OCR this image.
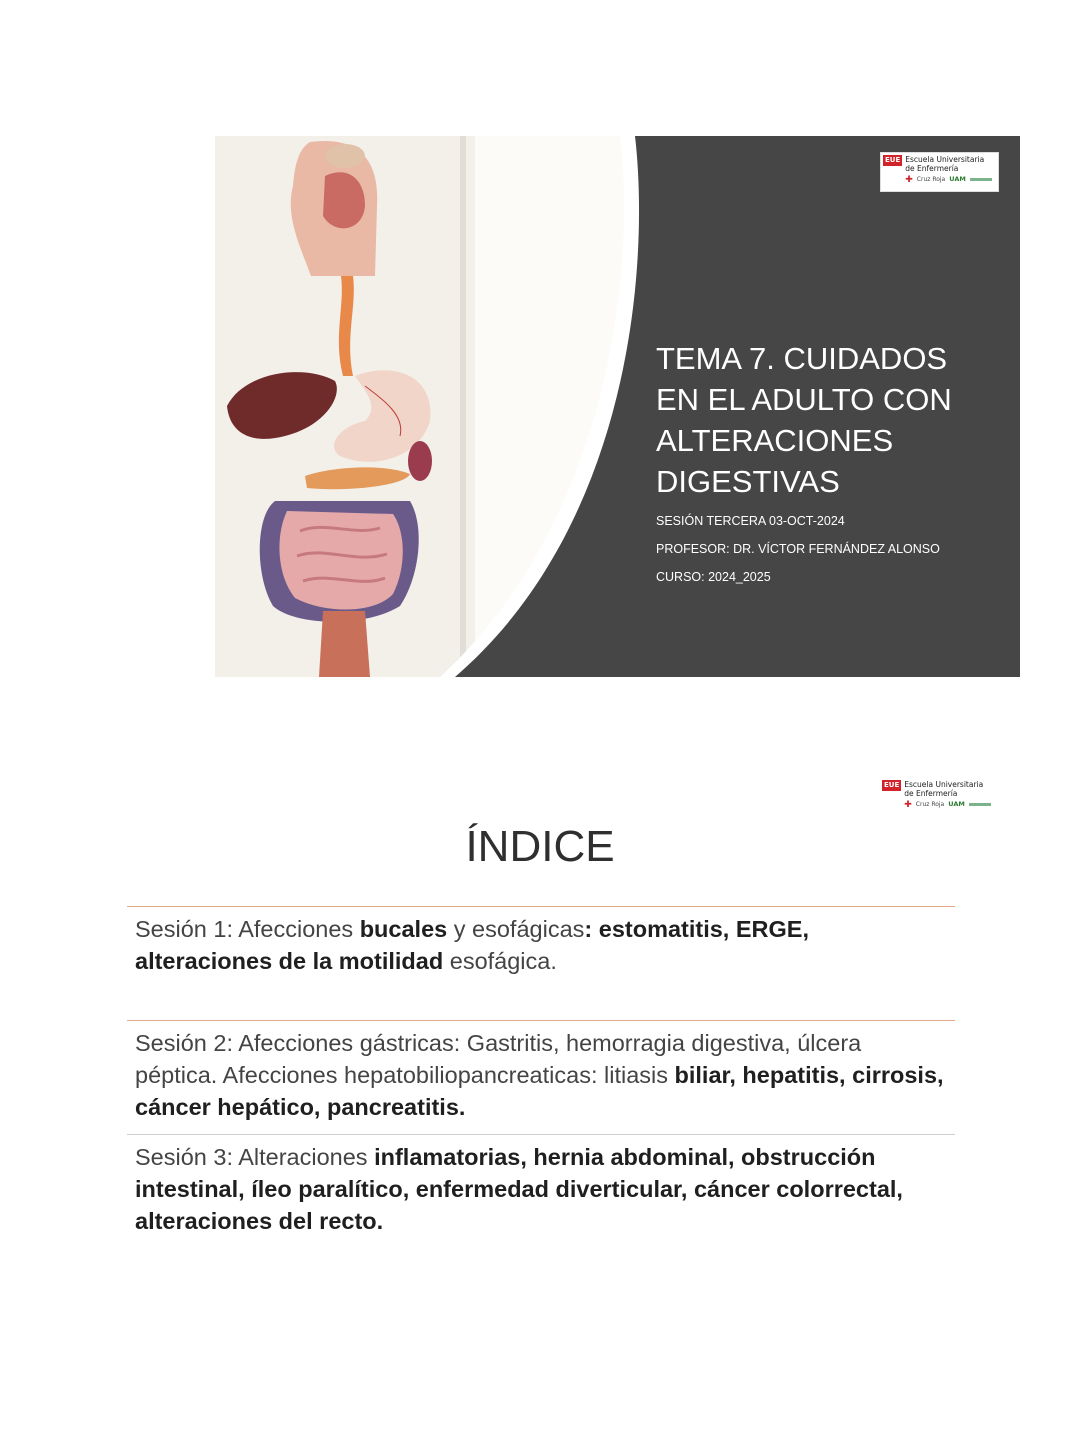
EUE Escuela Universitaria
de Enfermería
✚ Cruz Roja UAM
TEMA 7. CUIDADOS EN EL ADULTO CON ALTERACIONES DIGESTIVAS
SESIÓN TERCERA 03-OCT-2024
PROFESOR: DR. VÍCTOR FERNÁNDEZ ALONSO
CURSO: 2024_2025
EUE Escuela Universitaria
de Enfermería
✚ Cruz Roja UAM
ÍNDICE
Sesión 1: Afecciones bucales y esofágicas: estomatitis, ERGE, alteraciones de la motilidad esofágica.
Sesión 2: Afecciones gástricas: Gastritis, hemorragia digestiva, úlcera péptica. Afecciones hepatobiliopancreaticas: litiasis biliar, hepatitis, cirrosis, cáncer hepático, pancreatitis.
Sesión 3: Alteraciones inflamatorias, hernia abdominal, obstrucción intestinal, íleo paralítico, enfermedad diverticular, cáncer colorrectal, alteraciones del recto.
